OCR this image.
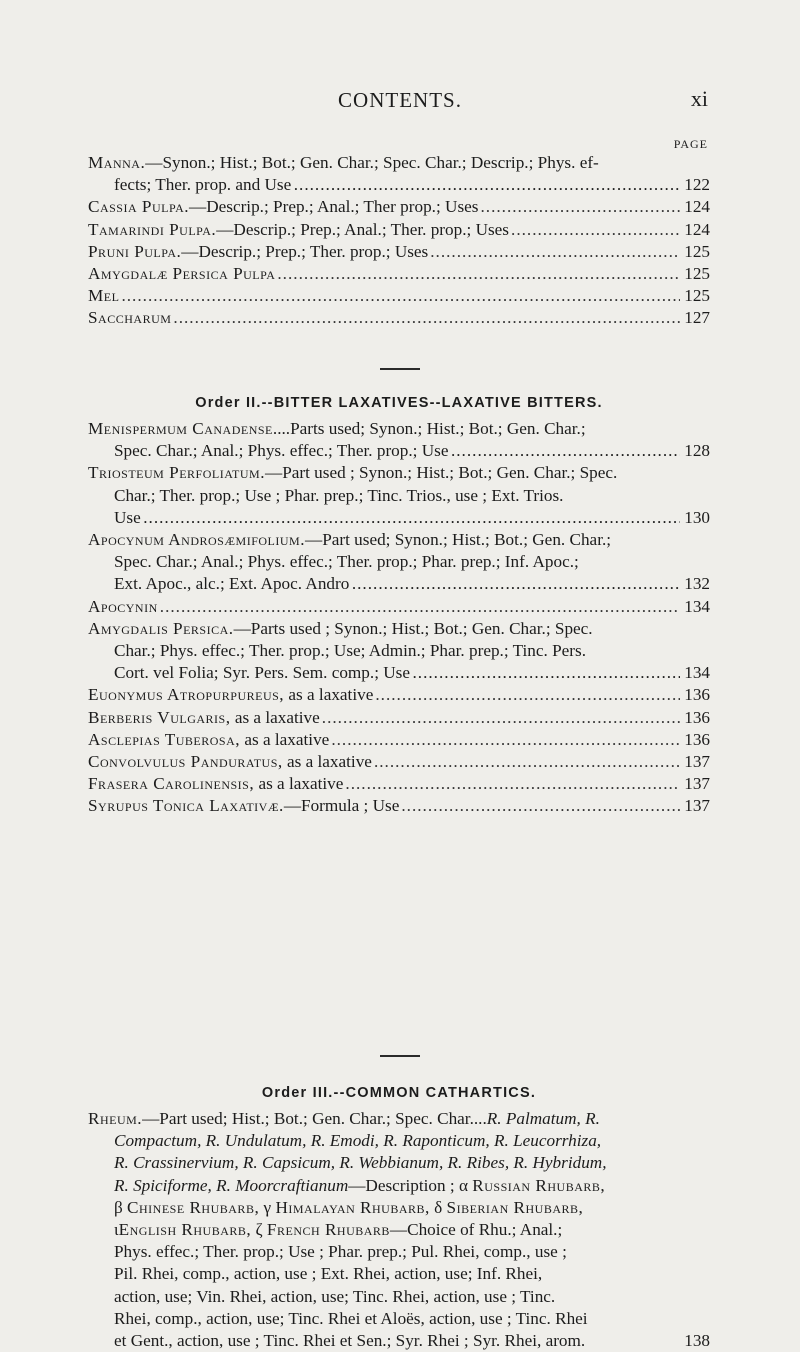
CONTENTS.	xi
PAGE
Manna.—Synon.; Hist.; Bot.; Gen. Char.; Spec. Char.; Descrip.; Phys. ef-
fects; Ther. prop. and Use .....	122
Cassia Pulpa.—Descrip.; Prep.; Anal.; Ther prop.; Uses .....	124
Tamarindi Pulpa.—Descrip.; Prep.; Anal.; Ther. prop.; Uses .....	124
Pruni Pulpa.—Descrip.; Prep.; Ther. prop.; Uses .....	125
Amygdalæ Persica Pulpa .....	125
Mel .....	125
Saccharum .....	127
Order II.--BITTER LAXATIVES--LAXATIVE BITTERS.
Menispermum Canadense....Parts used; Synon.; Hist.; Bot.; Gen. Char.;
Spec. Char.; Anal.; Phys. effec.; Ther. prop.; Use .....	128
Triosteum Perfoliatum.—Part used ; Synon.; Hist.; Bot.; Gen. Char.; Spec.
Char.; Ther. prop.; Use ; Phar. prep.; Tinc. Trios., use ; Ext. Trios.
Use .....	130
Apocynum Androsæmifolium.—Part used; Synon.; Hist.; Bot.; Gen. Char.;
Spec. Char.; Anal.; Phys. effec.; Ther. prop.; Phar. prep.; Inf. Apoc.;
Ext. Apoc., alc.; Ext. Apoc. Andro .....	132
Apocynin .....	134
Amygdalis Persica.—Parts used ; Synon.; Hist.; Bot.; Gen. Char.; Spec.
Char.; Phys. effec.; Ther. prop.; Use; Admin.; Phar. prep.; Tinc. Pers.
Cort. vel Folia; Syr. Pers. Sem. comp.; Use .....	134
Euonymus Atropurpureus, as a laxative .....	136
Berberis Vulgaris, as a laxative .....	136
Asclepias Tuberosa, as a laxative .....	136
Convolvulus Panduratus, as a laxative .....	137
Frasera Carolinensis, as a laxative .....	137
Syrupus Tonica Laxativæ.—Formula ; Use .....	137
Order III.--COMMON CATHARTICS.
Rheum.—Part used; Hist.; Bot.; Gen. Char.; Spec. Char....R. Palmatum, R.
Compactum, R. Undulatum, R. Emodi, R. Raponticum, R. Leucorrhiza,
R. Crassinervium, R. Capsicum, R. Webbianum, R. Ribes, R. Hybridum,
R. Spiciforme, R. Moorcraftianum—Description ; α Russian Rhubarb,
β Chinese Rhubarb, γ Himalayan Rhubarb, δ Siberian Rhubarb,
ιEnglish Rhubarb, ζ French Rhubarb—Choice of Rhu.; Anal.;
Phys. effec.; Ther. prop.; Use ; Phar. prep.; Pul. Rhei, comp., use ;
Pil. Rhei, comp., action, use ; Ext. Rhei, action, use; Inf. Rhei,
action, use; Vin. Rhei, action, use; Tinc. Rhei, action, use ; Tinc.
Rhei, comp., action, use; Tinc. Rhei et Aloës, action, use ; Tinc. Rhei
et Gent., action, use ; Tinc. Rhei et Sen.; Syr. Rhei ; Syr. Rhei, arom.	138
